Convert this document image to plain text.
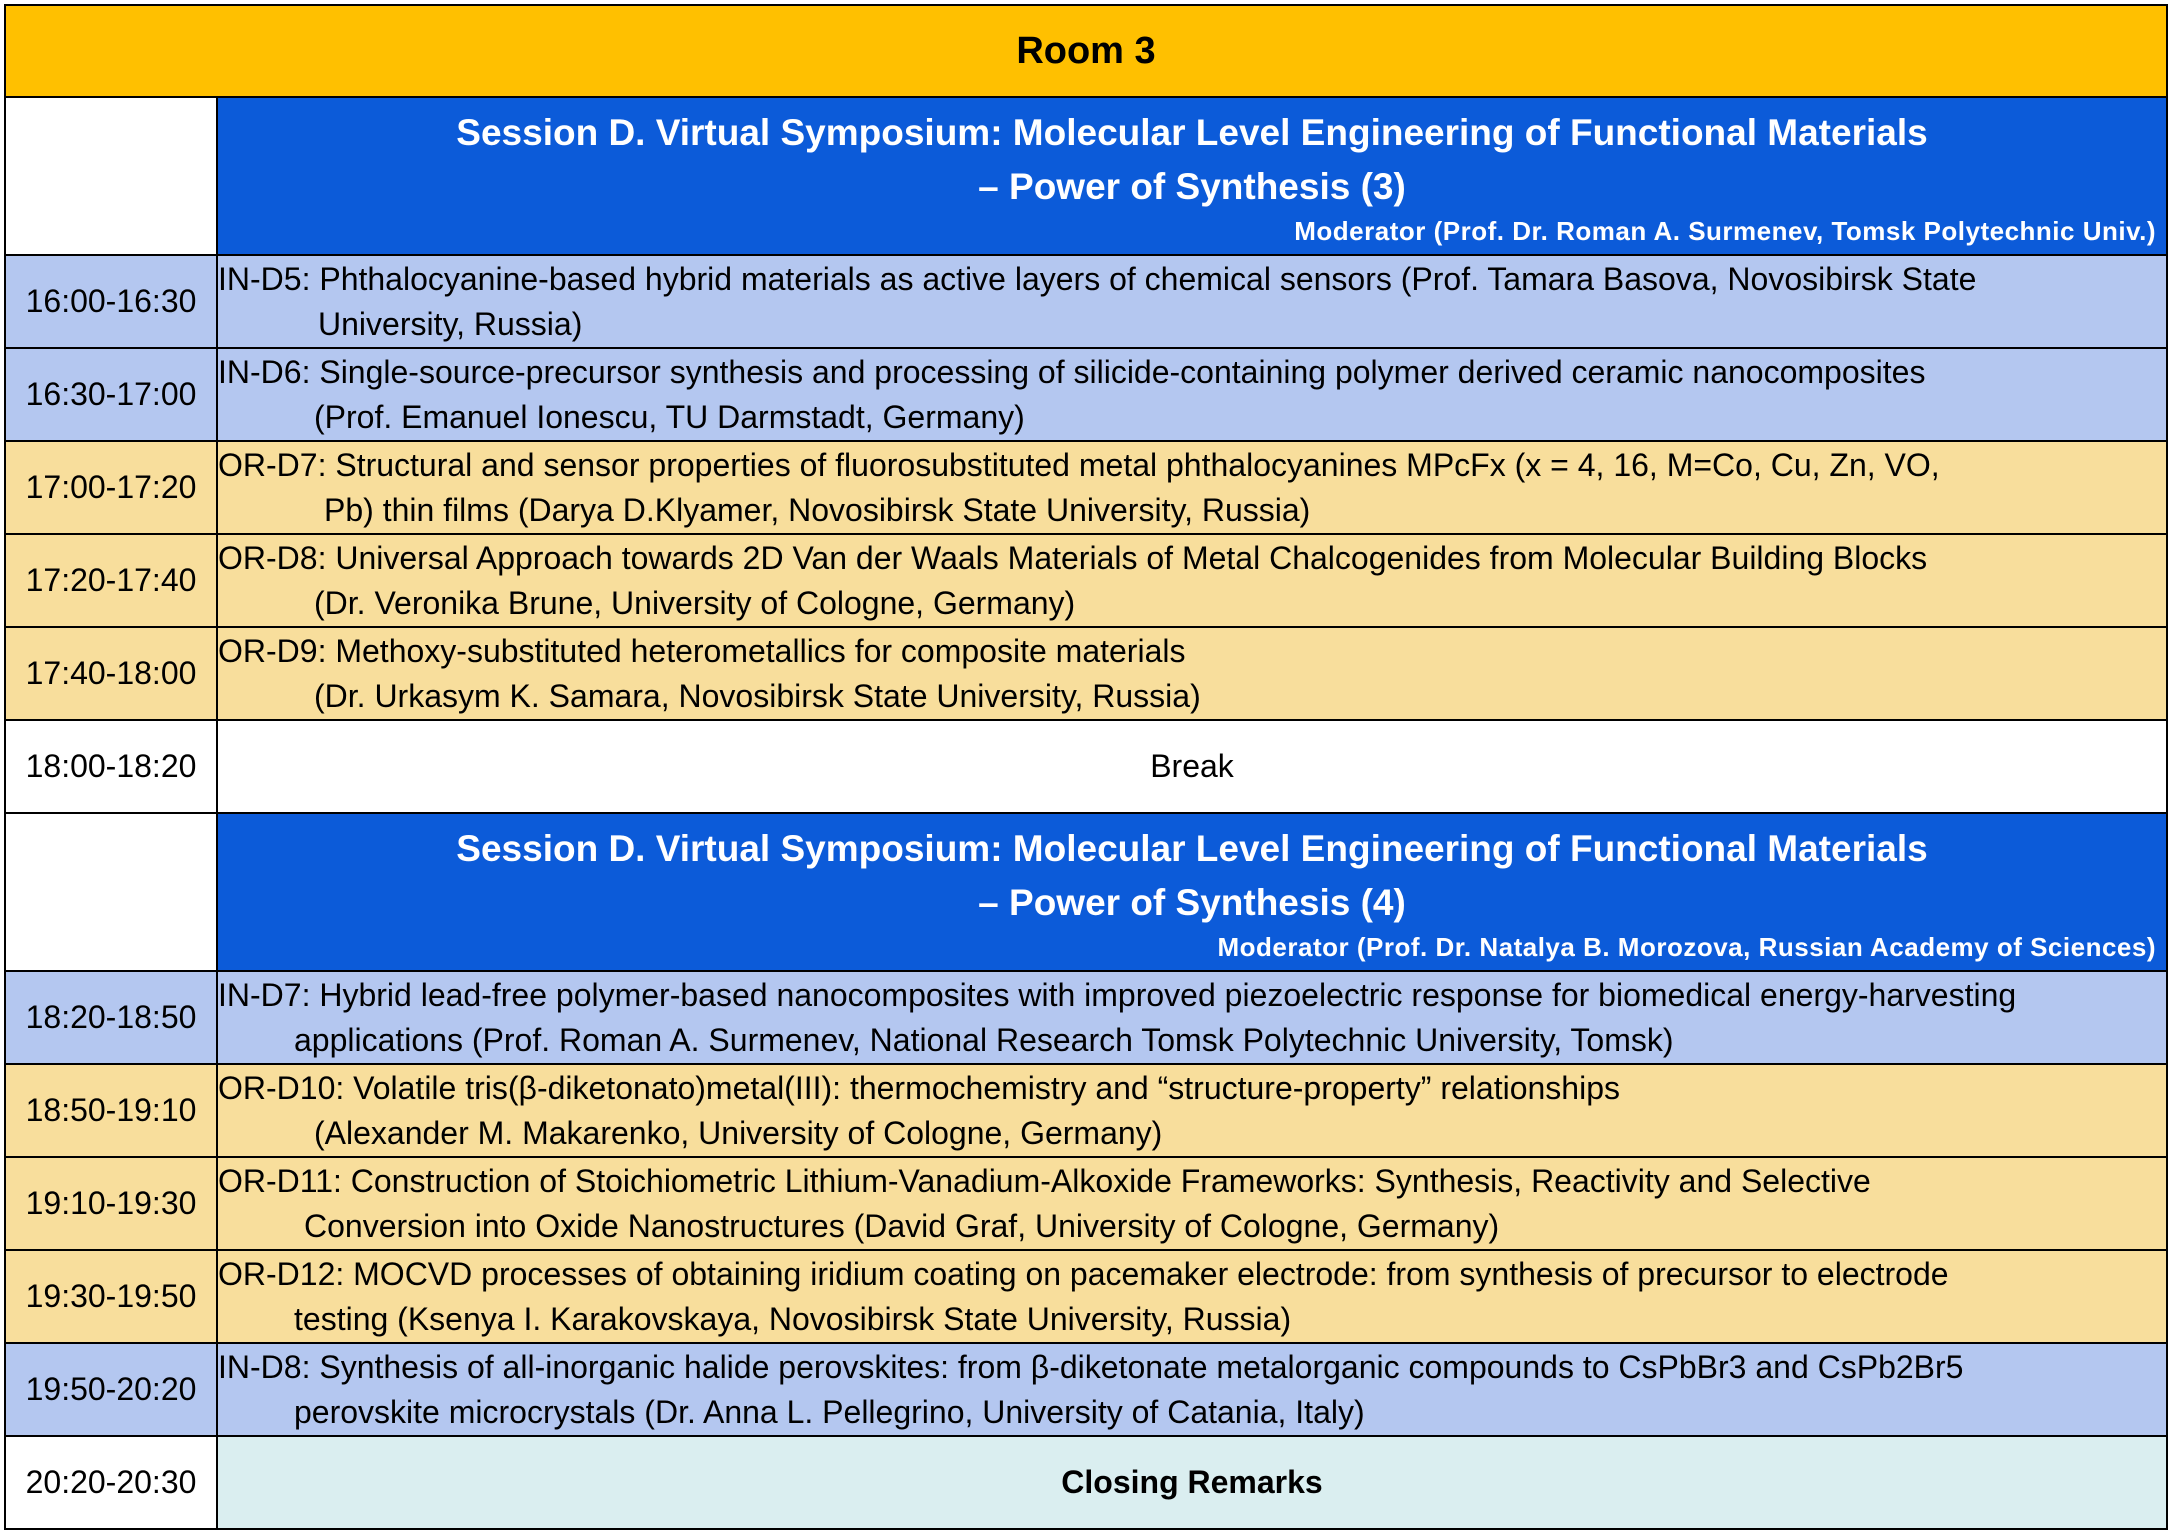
Room 3	

	Session D. Virtual Symposium: Molecular Level Engineering of Functional Materials
– Power of Synthesis (3)
Moderator (Prof. Dr. Roman A. Surmenev, Tomsk Polytechnic Univ.)

16:00-16:30	IN-D5: Phthalocyanine-based hybrid materials as active layers of chemical sensors (Prof. Tamara Basova, Novosibirsk State
University, Russia)

16:30-17:00	IN-D6: Single-source-precursor synthesis and processing of silicide-containing polymer derived ceramic nanocomposites
(Prof. Emanuel Ionescu, TU Darmstadt, Germany)

17:00-17:20	OR-D7: Structural and sensor properties of fluorosubstituted metal phthalocyanines MPcFx (x = 4, 16, M=Co, Cu, Zn, VO,
Pb) thin films (Darya D.Klyamer, Novosibirsk State University, Russia)

17:20-17:40	OR-D8: Universal Approach towards 2D Van der Waals Materials of Metal Chalcogenides from Molecular Building Blocks
(Dr. Veronika Brune, University of Cologne, Germany)

17:40-18:00	OR-D9: Methoxy-substituted heterometallics for composite materials
(Dr. Urkasym K. Samara, Novosibirsk State University, Russia)

18:00-18:20	Break

	Session D. Virtual Symposium: Molecular Level Engineering of Functional Materials
– Power of Synthesis (4)
Moderator (Prof. Dr. Natalya B. Morozova, Russian Academy of Sciences)

18:20-18:50	IN-D7: Hybrid lead-free polymer-based nanocomposites with improved piezoelectric response for biomedical energy-harvesting
applications (Prof. Roman A. Surmenev, National Research Tomsk Polytechnic University, Tomsk)

18:50-19:10	OR-D10: Volatile tris(β-diketonato)metal(III): thermochemistry and “structure-property” relationships
(Alexander M. Makarenko, University of Cologne, Germany)

19:10-19:30	OR-D11: Construction of Stoichiometric Lithium-Vanadium-Alkoxide Frameworks: Synthesis, Reactivity and Selective
Conversion into Oxide Nanostructures (David Graf, University of Cologne, Germany)

19:30-19:50	OR-D12: MOCVD processes of obtaining iridium coating on pacemaker electrode: from synthesis of precursor to electrode
testing (Ksenya I. Karakovskaya, Novosibirsk State University, Russia)

19:50-20:20	IN-D8: Synthesis of all-inorganic halide perovskites: from β-diketonate metalorganic compounds to CsPbBr3 and CsPb2Br5
perovskite microcrystals (Dr. Anna L. Pellegrino, University of Catania, Italy)

20:20-20:30	Closing Remarks
